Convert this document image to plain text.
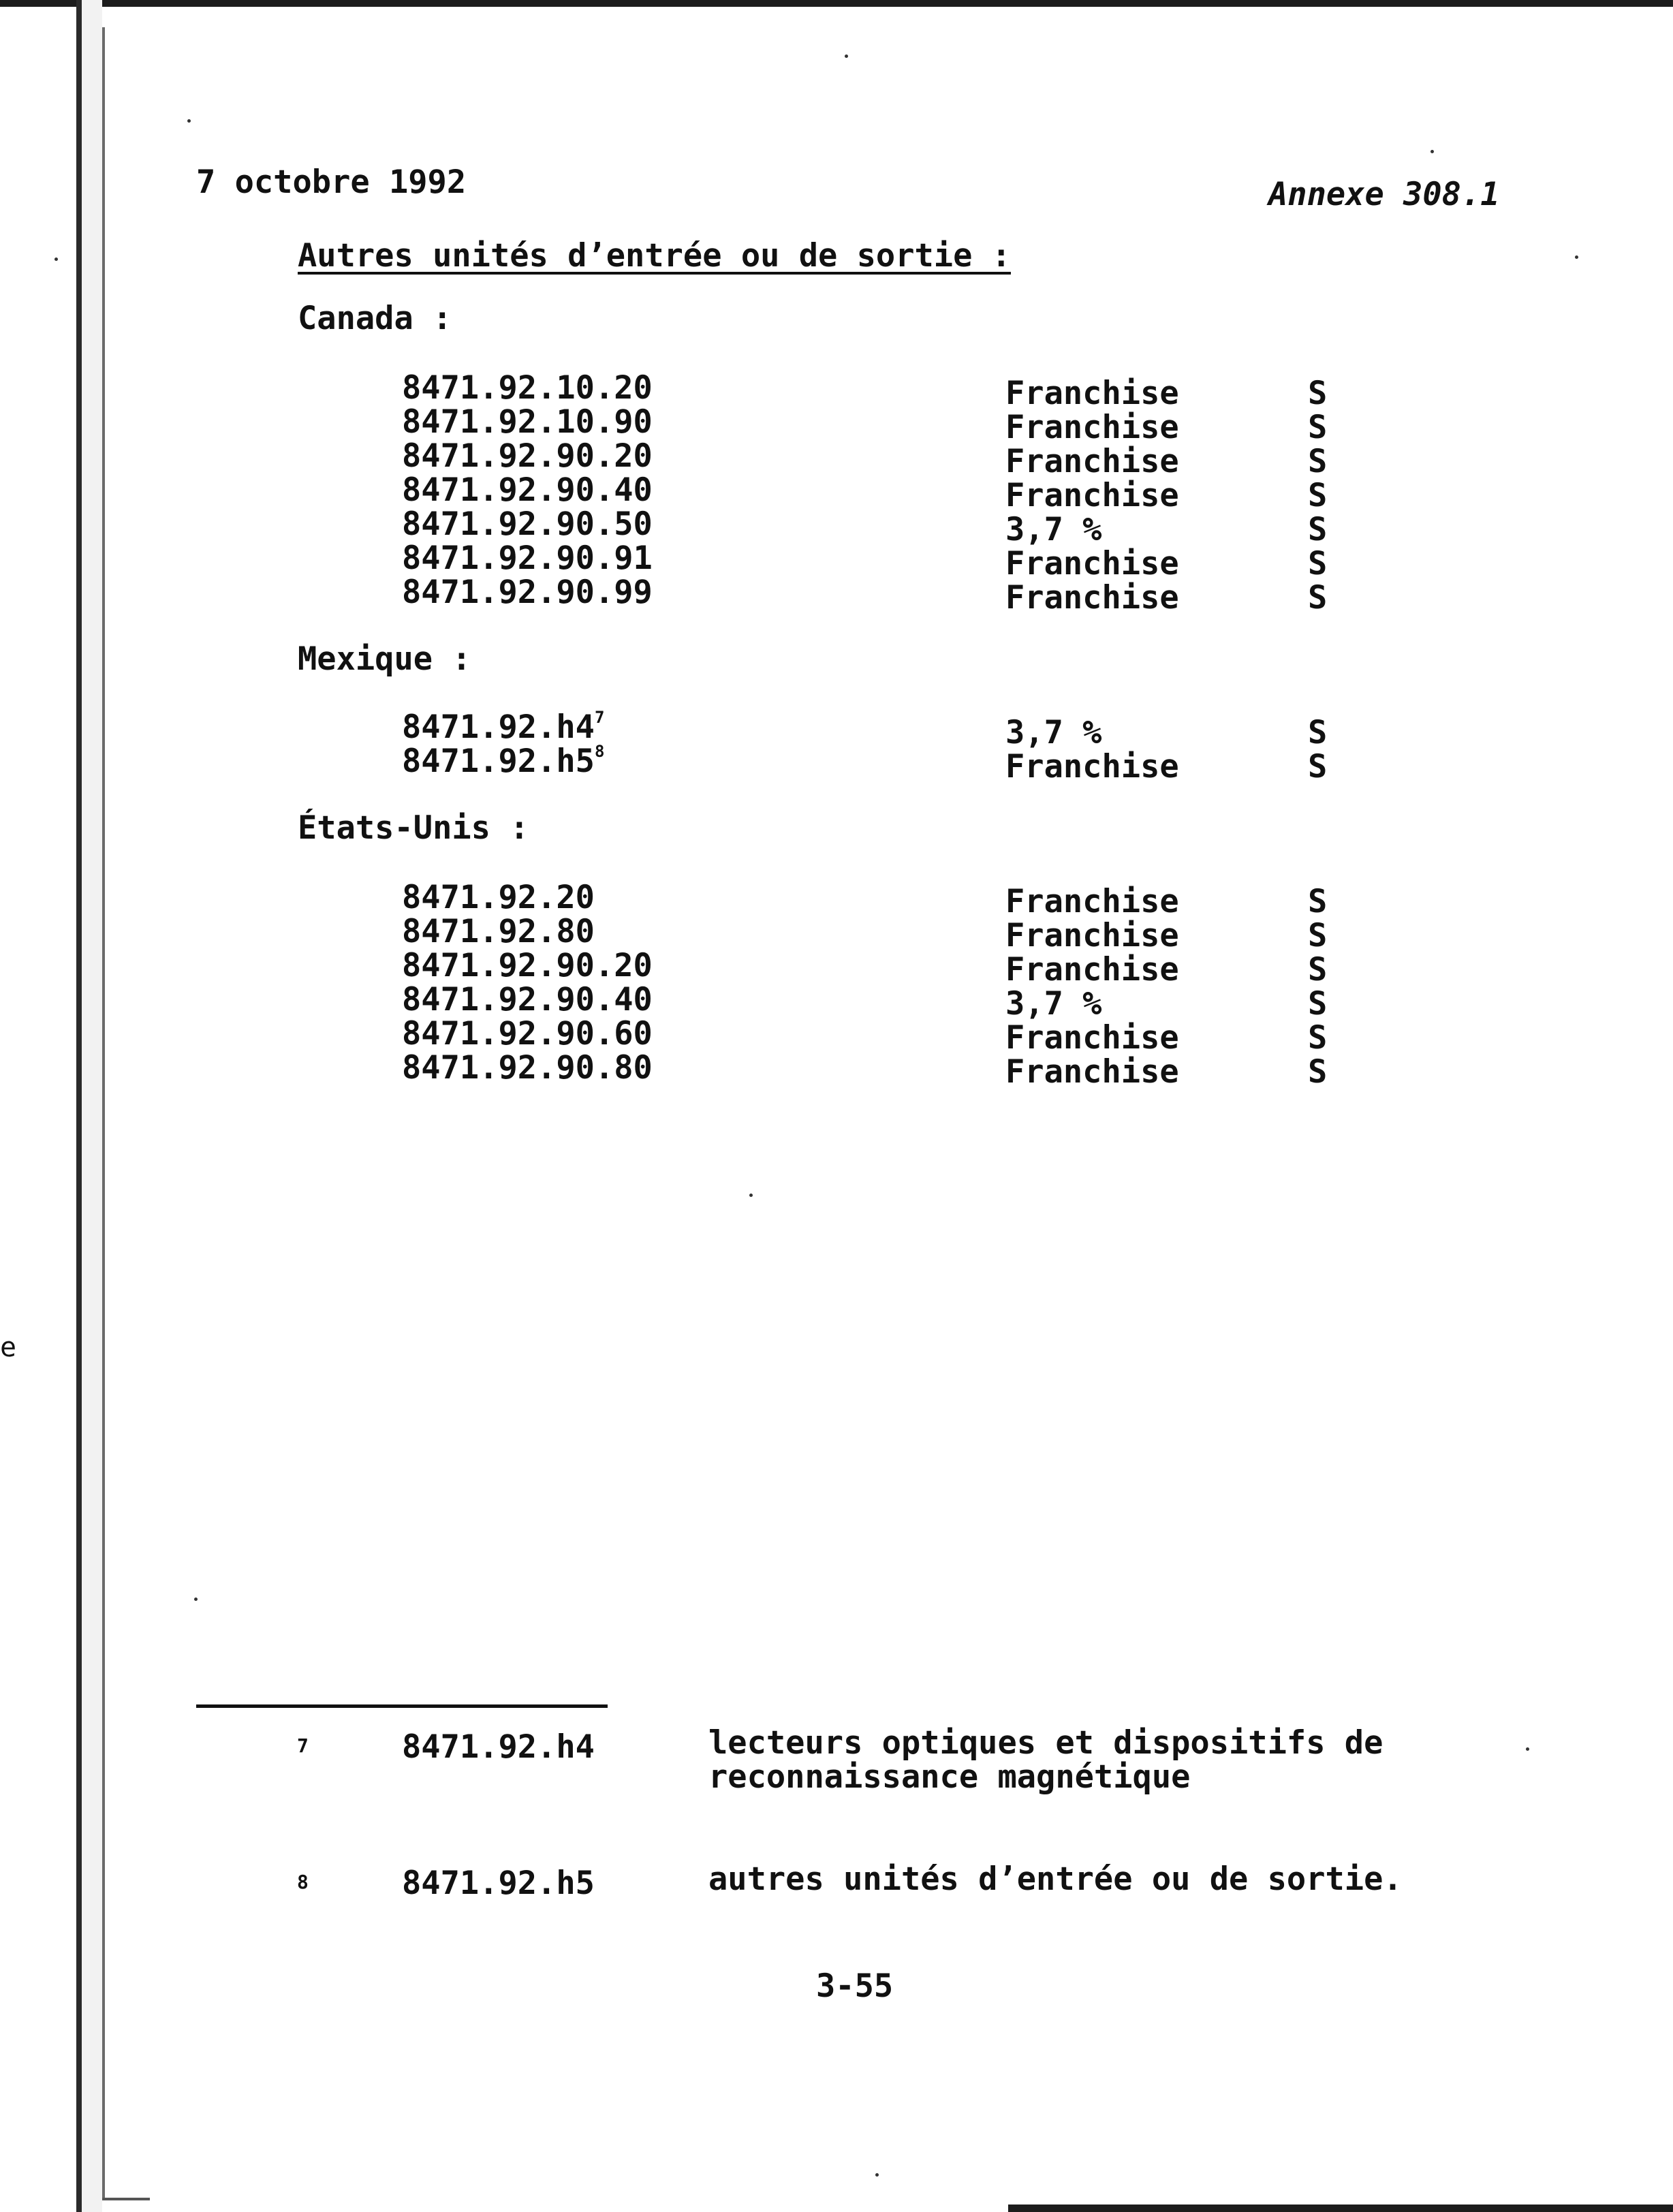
e
7 octobre 1992	Annexe 308.1
Autres unités d’entrée ou de sortie :
Canada :
8471.92.10.20	Franchise	S
8471.92.10.90	Franchise	S
8471.92.90.20	Franchise	S
8471.92.90.40	Franchise	S
8471.92.90.50	3,7 %	S
8471.92.90.91	Franchise	S
8471.92.90.99	Franchise	S
Mexique :
$8471.92.h4^7$	3,7 %	S
$8471.92.h5^8$	Franchise	S
États-Unis :
8471.92.20	Franchise	S
8471.92.80	Franchise	S
8471.92.90.20	Franchise	S
8471.92.90.40	3,7 %	S
8471.92.90.60	Franchise	S
8471.92.90.80	Franchise	S
7	8471.92.h4	lecteurs optiques et dispositifs de
reconnaissance magnétique
8	8471.92.h5	autres unités d’entrée ou de sortie.
3-55
